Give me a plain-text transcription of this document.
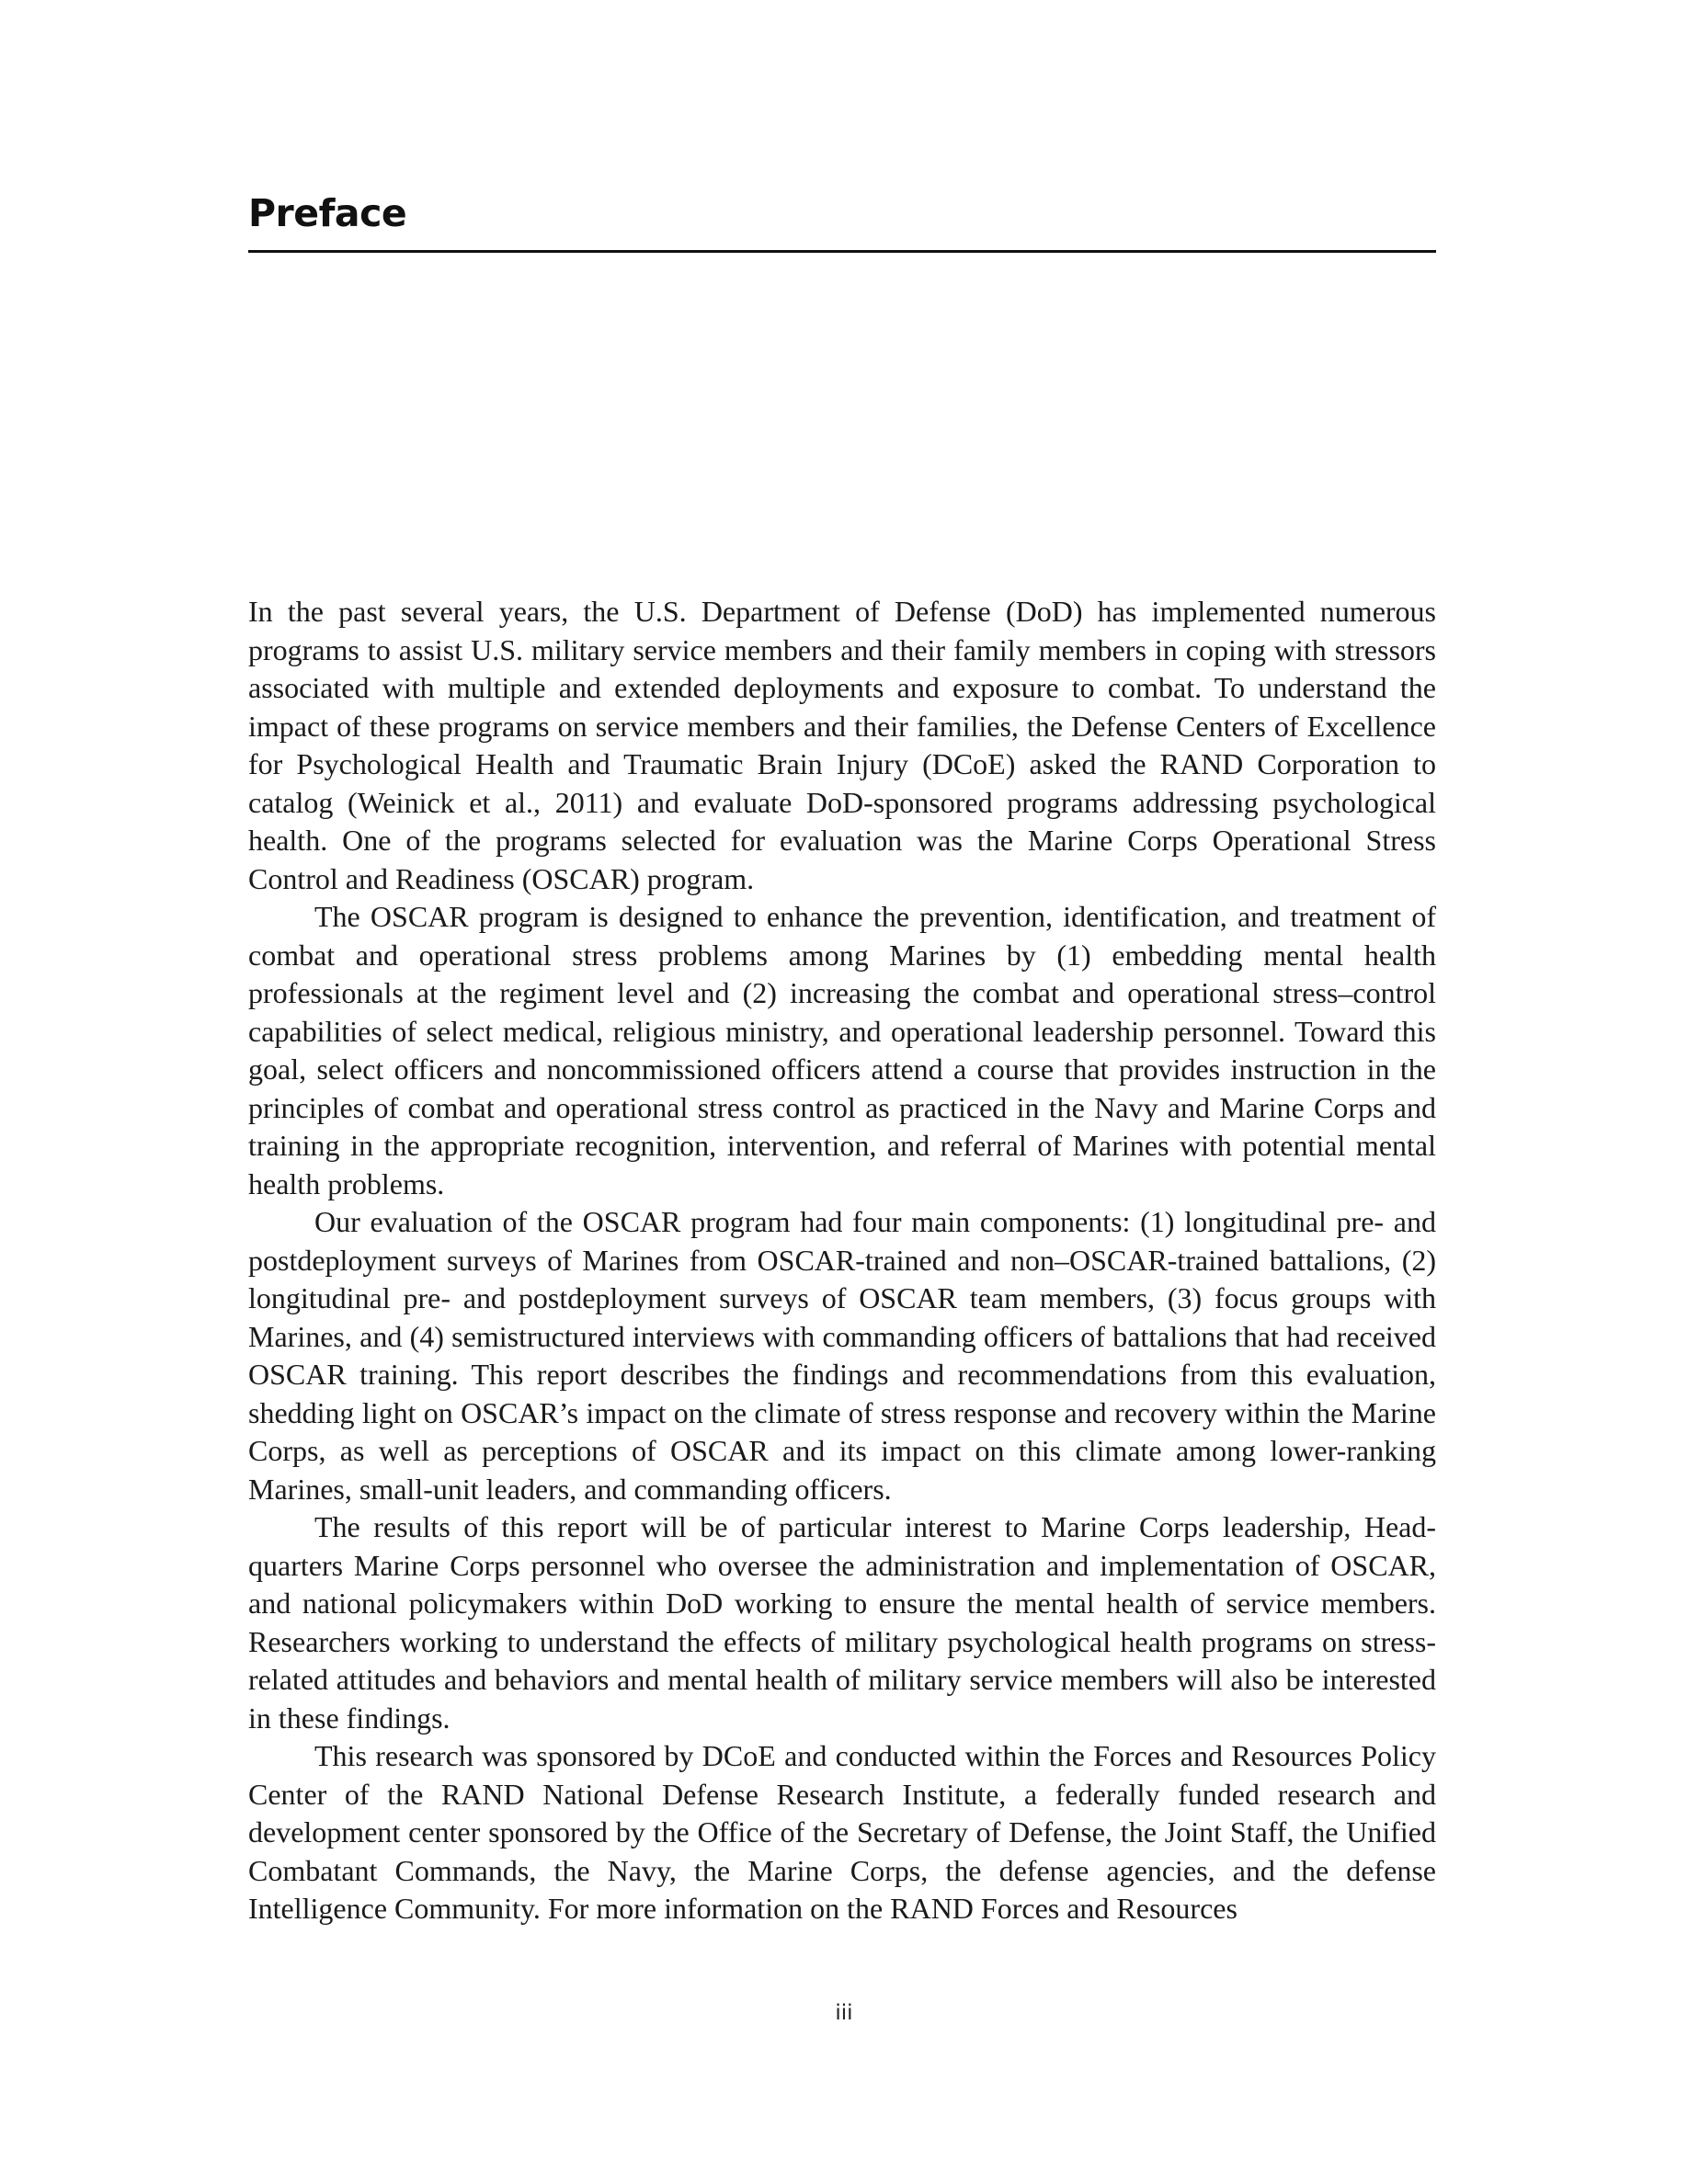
Preface

In the past several years, the U.S. Department of Defense (DoD) has implemented numerous programs to assist U.S. military service members and their family members in coping with stressors associated with multiple and extended deployments and exposure to combat. To understand the impact of these programs on service members and their families, the Defense Centers of Excellence for Psychological Health and Traumatic Brain Injury (DCoE) asked the RAND Corporation to catalog (Weinick et al., 2011) and evaluate DoD-sponsored programs addressing psychological health. One of the programs selected for evaluation was the Marine Corps Operational Stress Control and Readiness (OSCAR) program.

The OSCAR program is designed to enhance the prevention, identification, and treatment of combat and operational stress problems among Marines by (1) embedding mental health professionals at the regiment level and (2) increasing the combat and operational stress–control capabilities of select medical, religious ministry, and operational leadership personnel. Toward this goal, select officers and noncommissioned officers attend a course that provides instruction in the principles of combat and operational stress control as practiced in the Navy and Marine Corps and training in the appropriate recognition, intervention, and referral of Marines with potential mental health problems.

Our evaluation of the OSCAR program had four main components: (1) longitudinal pre- and postdeployment surveys of Marines from OSCAR-trained and non–OSCAR-trained battalions, (2) longitudinal pre- and postdeployment surveys of OSCAR team members, (3) focus groups with Marines, and (4) semistructured interviews with commanding officers of battalions that had received OSCAR training. This report describes the findings and recommendations from this evaluation, shedding light on OSCAR’s impact on the climate of stress response and recovery within the Marine Corps, as well as perceptions of OSCAR and its impact on this climate among lower-ranking Marines, small-unit leaders, and commanding officers.

The results of this report will be of particular interest to Marine Corps leadership, Headquarters Marine Corps personnel who oversee the administration and implementation of OSCAR, and national policymakers within DoD working to ensure the mental health of service members. Researchers working to understand the effects of military psychological health programs on stress-related attitudes and behaviors and mental health of military service members will also be interested in these findings.

This research was sponsored by DCoE and conducted within the Forces and Resources Policy Center of the RAND National Defense Research Institute, a federally funded research and development center sponsored by the Office of the Secretary of Defense, the Joint Staff, the Unified Combatant Commands, the Navy, the Marine Corps, the defense agencies, and the defense Intelligence Community. For more information on the RAND Forces and Resources

iii
